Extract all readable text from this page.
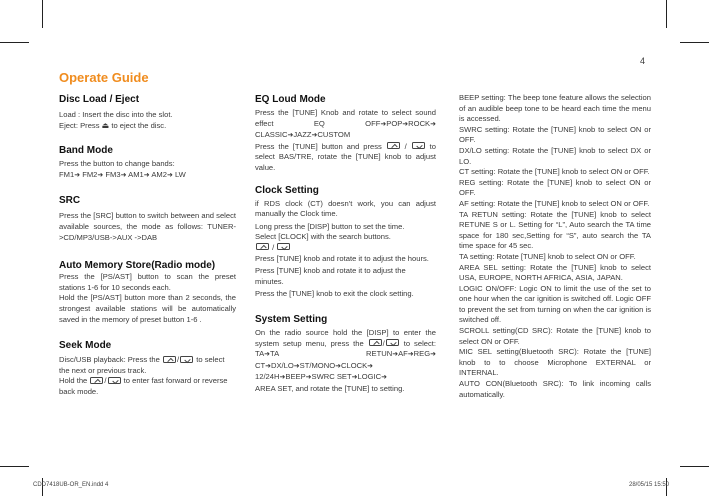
4
Operate Guide
Disc Load / Eject

Load : Insert the disc into the slot.

Eject: Press ⏏ to eject the disc.

Band Mode

Press the button to change bands:

FM1➜ FM2➜ FM3➜ AM1➜ AM2➜ LW

SRC

Press the [SRC] button to switch between and select available sources, the mode as follows: TUNER->CD/MP3/USB->AUX ->DAB

Auto Memory Store(Radio mode)

Press the [PS/AST] button to scan the preset stations 1-6 for 10 seconds each.

Hold the [PS/AST] button more than 2 seconds, the strongest available stations will be automatically saved in the memory of preset button 1-6 .

Seek Mode

Disc/USB playback: Press the / to select the next or previous track.

Hold the / to enter fast forward or reverse back mode.

EQ Loud Mode

Press the [TUNE] Knob and rotate to select sound effect	EQ OFF➜POP➜ROCK➜ CLASSIC➜JAZZ➜CUSTOM

Press the [TUNE] button and press  /  to select BAS/TRE, rotate the [TUNE] knob to adjust value.

Clock Setting

if RDS clock (CT) doesn't work, you can adjust manually the Clock time.

Long press the [DISP] button to set the time.

Select [CLOCK] with the search buttons.

/

Press [TUNE] knob and rotate it to adjust the hours.

Press [TUNE] knob and rotate it to adjust the minutes.

Press the [TUNE] knob to exit the clock setting.

System Setting

On the radio source hold the [DISP] to enter the system setup menu, press the / to select: TA➜TA RETUN➜AF➜REG➜ CT➜DX/LO➜ST/MONO➜CLOCK➜ 12/24H➜BEEP➜SWRC SET➜LOGIC➜

AREA SET, and rotate the [TUNE] to setting.

BEEP setting: The beep tone feature allows the selection of an audible beep tone to be heard each time the menu is accessed.

SWRC setting: Rotate the [TUNE] knob to select ON or OFF.

DX/LO setting: Rotate the [TUNE] knob to select DX or LO.

CT setting: Rotate the [TUNE] knob to select ON or OFF.

REG setting: Rotate the [TUNE] knob to select ON or OFF.

AF setting: Rotate the [TUNE] knob to select ON or OFF.

TA RETUN setting: Rotate the [TUNE] knob to select RETUNE S or L. Setting for “L”, Auto search the TA time space for 180 sec,Setting for “S”, auto search the TA time space for 45 sec.

TA setting: Rotate [TUNE] knob to select ON or OFF.

AREA SEL setting: Rotate the [TUNE] knob to select USA, EUROPE, NORTH AFRICA, ASIA, JAPAN.

LOGIC ON/OFF: Logic ON to limit the use of the set to one hour when the car ignition is switched off. Logic OFF to prevent the set from turning on when the car ignition is switched off.

SCROLL setting(CD SRC): Rotate the [TUNE] knob to select ON or OFF.

MIC SEL setting(Bluetooth SRC): Rotate the [TUNE] knob to to choose Microphone EXTERNAL or INTERNAL.

AUTO CON(Bluetooth SRC): To link incoming calls automatically.

CDD7418UB-OR_EN.indd 4	28/05/15 15:50
